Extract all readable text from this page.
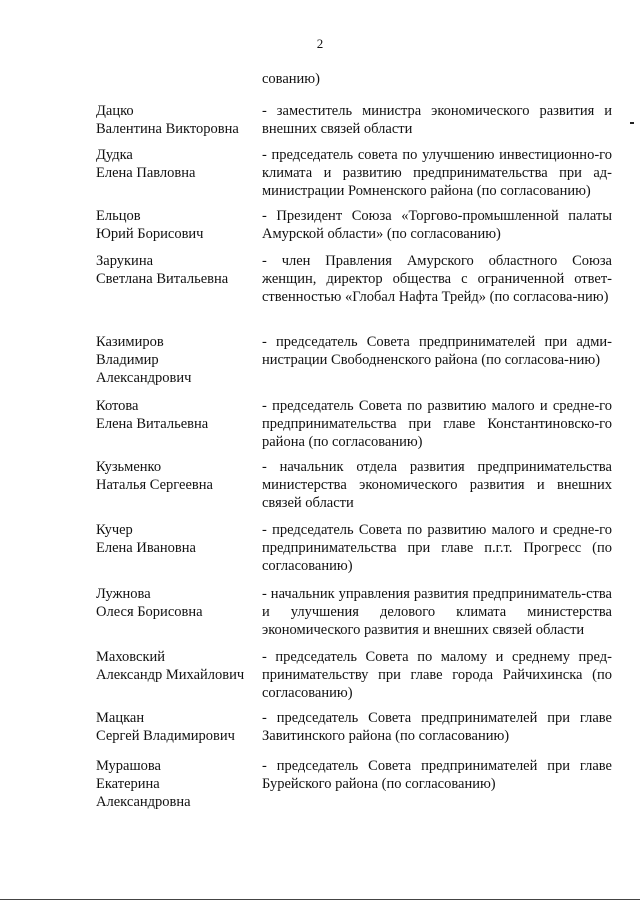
2
сованию)
Дацко
Валентина Викторовна
- заместитель министра экономического развития и внешних связей области
Дудка
Елена Павловна
- председатель совета по улучшению инвестиционно-го климата и развитию предпринимательства при ад-министрации Ромненского района (по согласованию)
Ельцов
Юрий Борисович
- Президент Союза «Торгово-промышленной палаты Амурской области» (по согласованию)
Зарукина
Светлана Витальевна
- член Правления Амурского областного Союза женщин, директор общества с ограниченной ответ-ственностью «Глобал Нафта Трейд» (по согласова-нию)
Казимиров
Владимир
Александрович
- председатель Совета предпринимателей при адми-нистрации Свободненского района (по согласова-нию)
Котова
Елена Витальевна
- председатель Совета по развитию малого и средне-го предпринимательства при главе Константиновско-го района (по согласованию)
Кузьменко
Наталья Сергеевна
- начальник отдела развития предпринимательства министерства экономического развития и внешних связей области
Кучер
Елена Ивановна
- председатель Совета по развитию малого и средне-го предпринимательства при главе п.г.т. Прогресс (по согласованию)
Лужнова
Олеся Борисовна
- начальник управления развития предприниматель-ства и улучшения делового климата министерства экономического развития и внешних связей области
Маховский
Александр Михайлович
- председатель Совета по малому и среднему пред-принимательству при главе города Райчихинска (по согласованию)
Мацкан
Сергей Владимирович
- председатель Совета предпринимателей при главе Завитинского района (по согласованию)
Мурашова
Екатерина
Александровна
- председатель Совета предпринимателей при главе Бурейского района (по согласованию)
